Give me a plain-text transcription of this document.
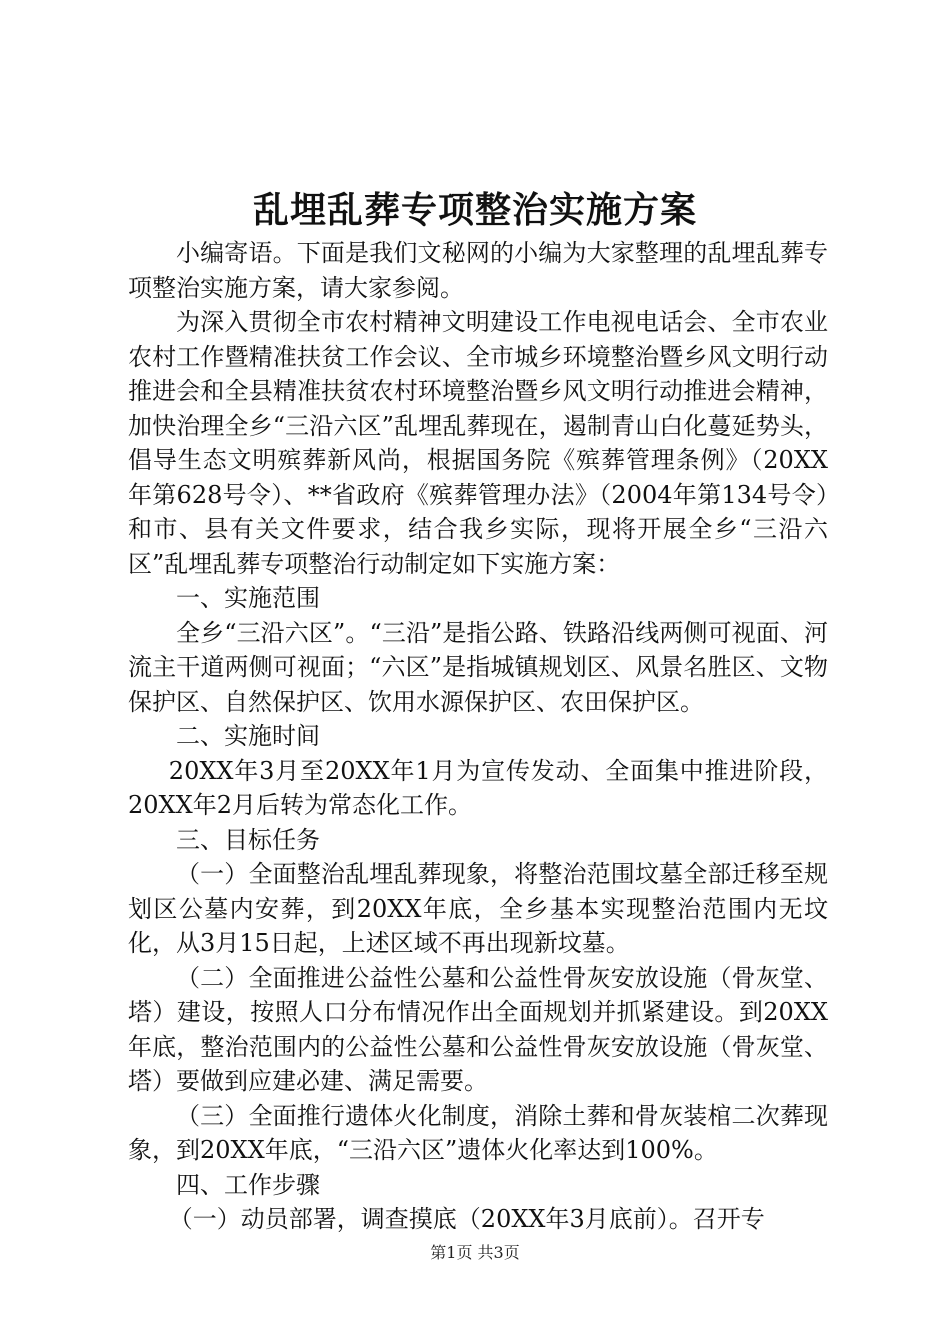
乱埋乱葬专项整治实施方案

小编寄语。下面是我们文秘网的小编为大家整理的乱埋乱葬专项整治实施方案，请大家参阅。

为深入贯彻全市农村精神文明建设工作电视电话会、全市农业农村工作暨精准扶贫工作会议、全市城乡环境整治暨乡风文明行动推进会和全县精准扶贫农村环境整治暨乡风文明行动推进会精神，加快治理全乡“三沿六区”乱埋乱葬现在，遏制青山白化蔓延势头，倡导生态文明殡葬新风尚，根据国务院《殡葬管理条例》（20XX年第628号令）、**省政府《殡葬管理办法》（2004年第134号令）和市、县有关文件要求，结合我乡实际，现将开展全乡“三沿六区”乱埋乱葬专项整治行动制定如下实施方案：

一、实施范围

全乡“三沿六区”。“三沿”是指公路、铁路沿线两侧可视面、河流主干道两侧可视面；“六区”是指城镇规划区、风景名胜区、文物保护区、自然保护区、饮用水源保护区、农田保护区。

二、实施时间

20XX年3月至20XX年1月为宣传发动、全面集中推进阶段，20XX年2月后转为常态化工作。

三、目标任务

（一）全面整治乱埋乱葬现象，将整治范围坟墓全部迁移至规划区公墓内安葬，到20XX年底，全乡基本实现整治范围内无坟化，从3月15日起，上述区域不再出现新坟墓。

（二）全面推进公益性公墓和公益性骨灰安放设施（骨灰堂、塔）建设，按照人口分布情况作出全面规划并抓紧建设。到20XX年底，整治范围内的公益性公墓和公益性骨灰安放设施（骨灰堂、塔）要做到应建必建、满足需要。

（三）全面推行遗体火化制度，消除土葬和骨灰装棺二次葬现象，到20XX年底，“三沿六区”遗体火化率达到100%。

四、工作步骤

（一）动员部署，调查摸底（20XX年3月底前）。召开专

第1页 共3页
